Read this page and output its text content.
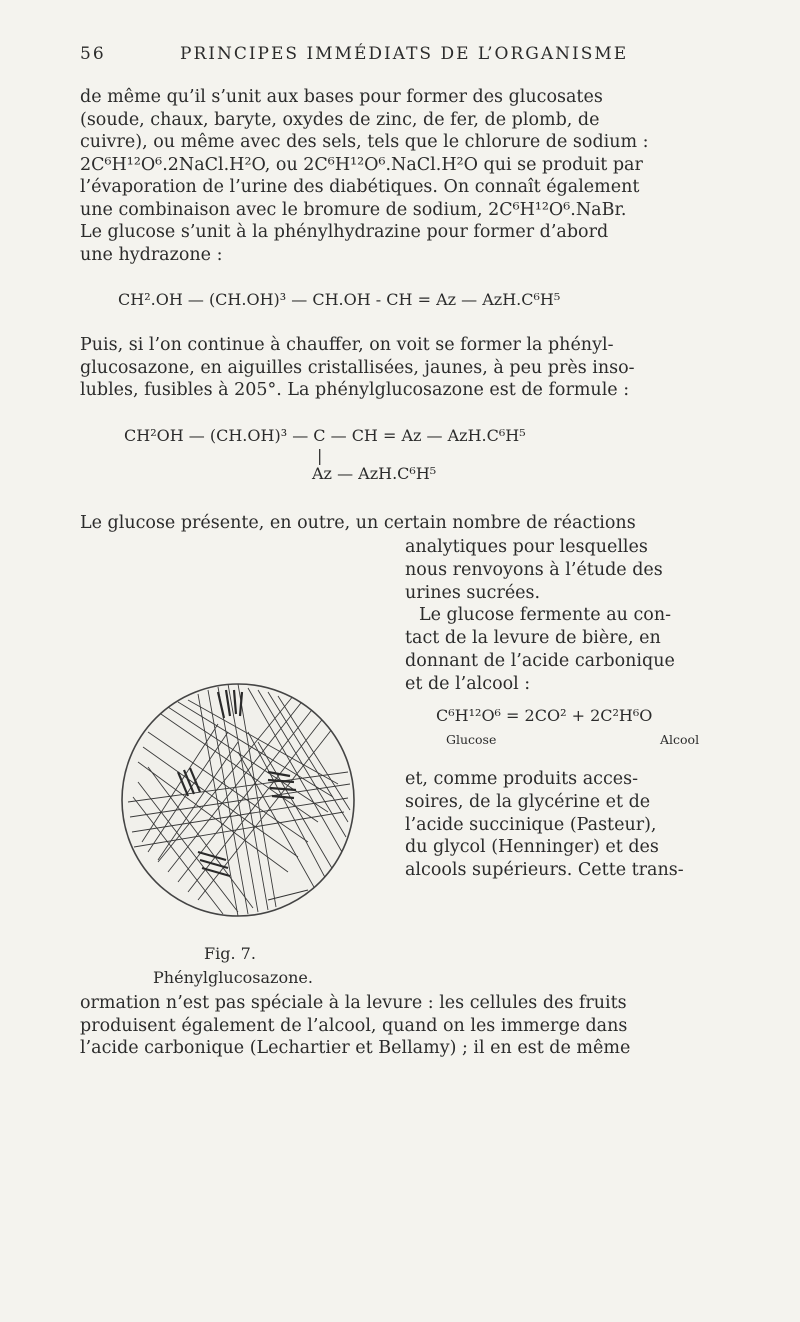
56	PRINCIPES IMMÉDIATS DE L’ORGANISME

de même qu’il s’unit aux bases pour former des glucosates

(soude, chaux, baryte, oxydes de zinc, de fer, de plomb, de

cuivre), ou même avec des sels, tels que le chlorure de sodium :

2C⁶H¹²O⁶.2NaCl.H²O, ou 2C⁶H¹²O⁶.NaCl.H²O qui se produit par

l’évaporation de l’urine des diabétiques. On connaît également

une combinaison avec le bromure de sodium, 2C⁶H¹²O⁶.NaBr.

Le glucose s’unit à la phénylhydrazine pour former d’abord

une hydrazone :

CH².OH — (CH.OH)³ — CH.OH - CH = Az — AzH.C⁶H⁵

Puis, si l’on continue à chauffer, on voit se former la phényl-

glucosazone, en aiguilles cristallisées, jaunes, à peu près inso-

lubles, fusibles à 205°. La phénylglucosazone est de formule :

CH²OH — (CH.OH)³ — C — CH = Az — AzH.C⁶H⁵
|
Az — AzH.C⁶H⁵

Le glucose présente, en outre, un certain nombre de réactions

analytiques pour lesquelles

nous renvoyons à l’étude des

urines sucrées.

Le glucose fermente au con-

tact de la levure de bière, en

donnant de l’acide carbonique

et de l’alcool :

C⁶H¹²O⁶ = 2CO² + 2C²H⁶O
Glucose	Alcool

et, comme produits acces-

soires, de la glycérine et de

l’acide succinique (Pasteur),

du glycol (Henninger) et des

alcools supérieurs. Cette trans-

Fig. 7.
Phénylglucosazone.

ormation n’est pas spéciale à la levure : les cellules des fruits

produisent également de l’alcool, quand on les immerge dans

l’acide carbonique (Lechartier et Bellamy) ; il en est de même
